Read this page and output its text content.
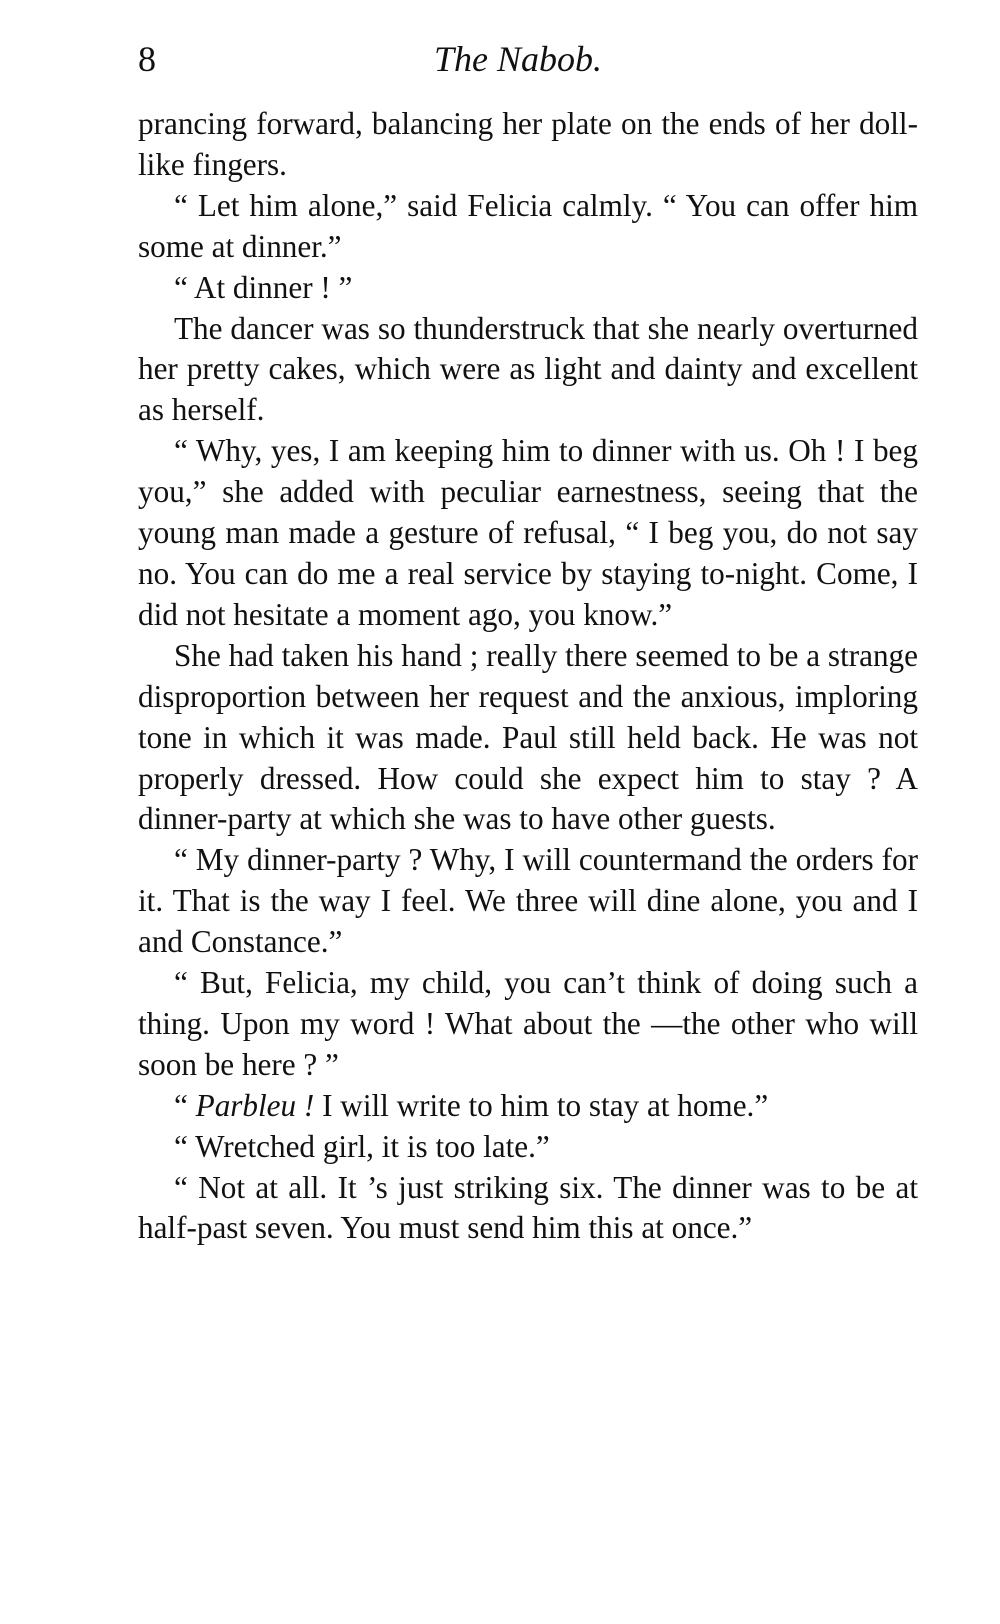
8	The Nabob.

prancing forward, balancing her plate on the ends of her doll-like fingers.

“ Let him alone,” said Felicia calmly. “ You can offer him some at dinner.”

“ At dinner ! ”

The dancer was so thunderstruck that she nearly overturned her pretty cakes, which were as light and dainty and excellent as herself.

“ Why, yes, I am keeping him to dinner with us. Oh ! I beg you,” she added with peculiar earnestness, seeing that the young man made a gesture of refusal, “ I beg you, do not say no. You can do me a real service by staying to-night. Come, I did not hesitate a moment ago, you know.”

She had taken his hand ; really there seemed to be a strange disproportion between her request and the anxious, imploring tone in which it was made. Paul still held back. He was not properly dressed. How could she expect him to stay ? A dinner-party at which she was to have other guests.

“ My dinner-party ? Why, I will countermand the orders for it. That is the way I feel. We three will dine alone, you and I and Constance.”

“ But, Felicia, my child, you can’t think of doing such a thing. Upon my word ! What about the —the other who will soon be here ? ”

“ Parbleu ! I will write to him to stay at home.”

“ Wretched girl, it is too late.”

“ Not at all. It ’s just striking six. The dinner was to be at half-past seven. You must send him this at once.”
